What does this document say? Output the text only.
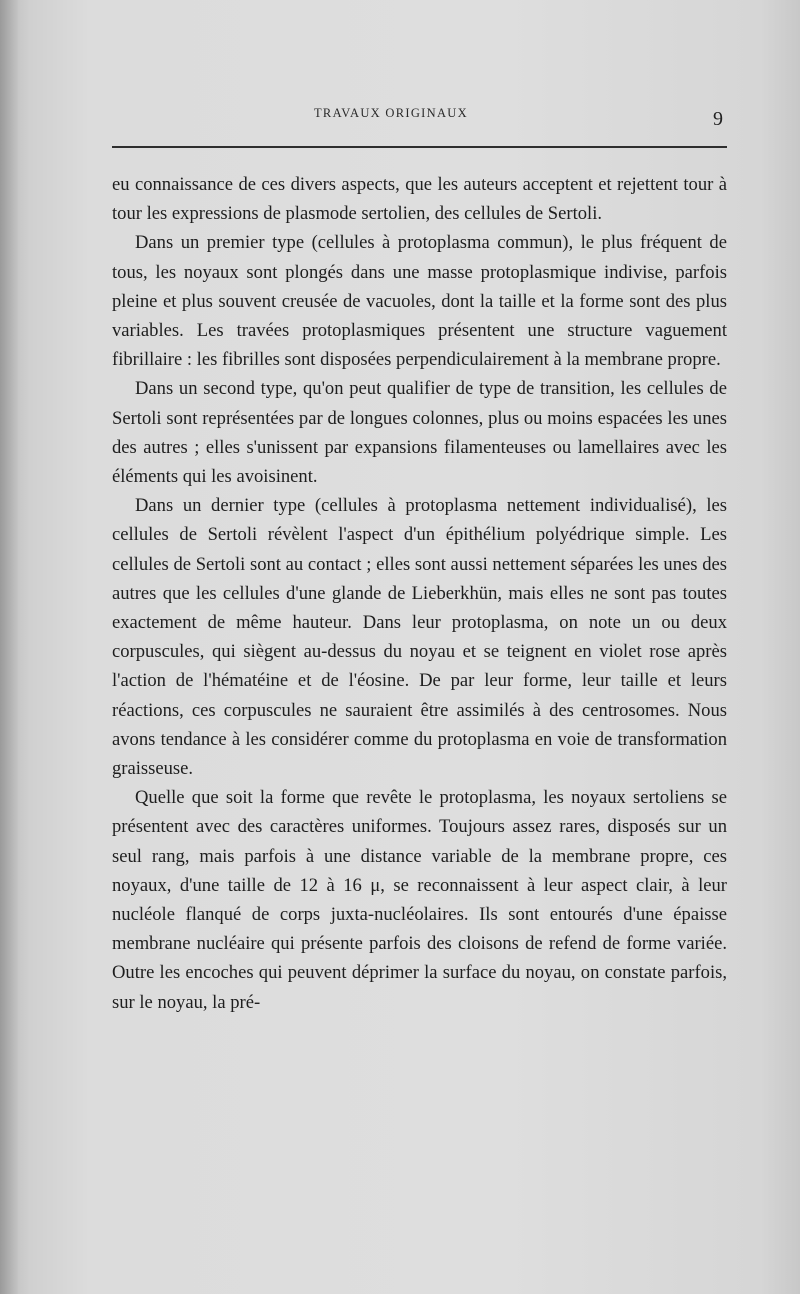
TRAVAUX ORIGINAUX	9

eu connaissance de ces divers aspects, que les auteurs acceptent et rejettent tour à tour les expressions de plasmode sertolien, des cellules de Sertoli.

Dans un premier type (cellules à protoplasma commun), le plus fréquent de tous, les noyaux sont plongés dans une masse protoplasmique indivise, parfois pleine et plus souvent creusée de vacuoles, dont la taille et la forme sont des plus variables. Les travées protoplasmiques présentent une structure vaguement fibrillaire : les fibrilles sont disposées perpendiculairement à la membrane propre.

Dans un second type, qu'on peut qualifier de type de transition, les cellules de Sertoli sont représentées par de longues colonnes, plus ou moins espacées les unes des autres ; elles s'unissent par expansions filamenteuses ou lamellaires avec les éléments qui les avoisinent.

Dans un dernier type (cellules à protoplasma nettement individualisé), les cellules de Sertoli révèlent l'aspect d'un épithélium polyédrique simple. Les cellules de Sertoli sont au contact ; elles sont aussi nettement séparées les unes des autres que les cellules d'une glande de Lieberkhün, mais elles ne sont pas toutes exactement de même hauteur. Dans leur protoplasma, on note un ou deux corpuscules, qui siègent au-dessus du noyau et se teignent en violet rose après l'action de l'hématéine et de l'éosine. De par leur forme, leur taille et leurs réactions, ces corpuscules ne sauraient être assimilés à des centrosomes. Nous avons tendance à les considérer comme du protoplasma en voie de transformation graisseuse.

Quelle que soit la forme que revête le protoplasma, les noyaux sertoliens se présentent avec des caractères uniformes. Toujours assez rares, disposés sur un seul rang, mais parfois à une distance variable de la membrane propre, ces noyaux, d'une taille de 12 à 16 μ, se reconnaissent à leur aspect clair, à leur nucléole flanqué de corps juxta-nucléolaires. Ils sont entourés d'une épaisse membrane nucléaire qui présente parfois des cloisons de refend de forme variée. Outre les encoches qui peuvent déprimer la surface du noyau, on constate parfois, sur le noyau, la pré-
